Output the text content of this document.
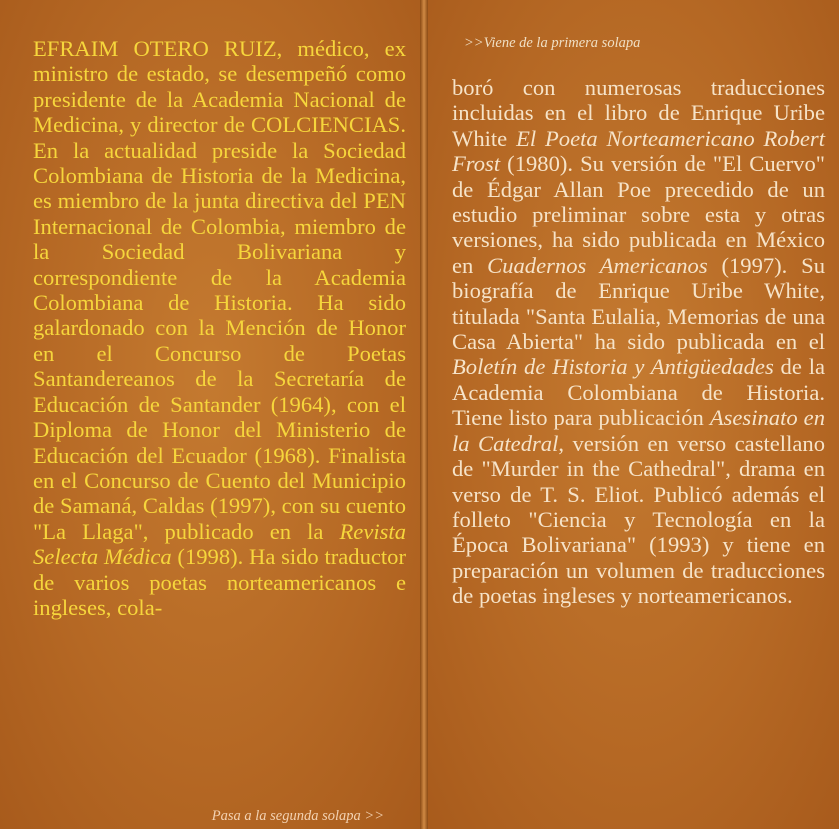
EFRAIM OTERO RUIZ, médico, ex ministro de estado, se desempeñó como presidente de la Academia Nacional de Medicina, y director de COLCIENCIAS. En la actualidad preside la Sociedad Colombiana de Historia de la Medicina, es miembro de la junta directiva del PEN Internacional de Colombia, miembro de la Sociedad Bolivariana y correspondiente de la Academia Colombiana de Historia. Ha sido galardonado con la Mención de Honor en el Concurso de Poetas Santandereanos de la Secretaría de Educación de Santander (1964), con el Diploma de Honor del Ministerio de Educación del Ecuador (1968). Finalista en el Concurso de Cuento del Municipio de Samaná, Caldas (1997), con su cuento "La Llaga", publicado en la Revista Selecta Médica (1998). Ha sido traductor de varios poetas norteamericanos e ingleses, cola-

Pasa a la segunda solapa >>

>>Viene de la primera solapa

boró con numerosas traducciones incluidas en el libro de Enrique Uribe White El Poeta Norteamericano Robert Frost (1980). Su versión de "El Cuervo" de Édgar Allan Poe precedido de un estudio preliminar sobre esta y otras versiones, ha sido publicada en México en Cuadernos Americanos (1997). Su biografía de Enrique Uribe White, titulada "Santa Eulalia, Memorias de una Casa Abierta" ha sido publicada en el Boletín de Historia y Antigüedades de la Academia Colombiana de Historia. Tiene listo para publicación Asesinato en la Catedral, versión en verso castellano de "Murder in the Cathedral", drama en verso de T. S. Eliot. Publicó además el folleto "Ciencia y Tecnología en la Época Bolivariana" (1993) y tiene en preparación un volumen de traducciones de poetas ingleses y norteamericanos.
